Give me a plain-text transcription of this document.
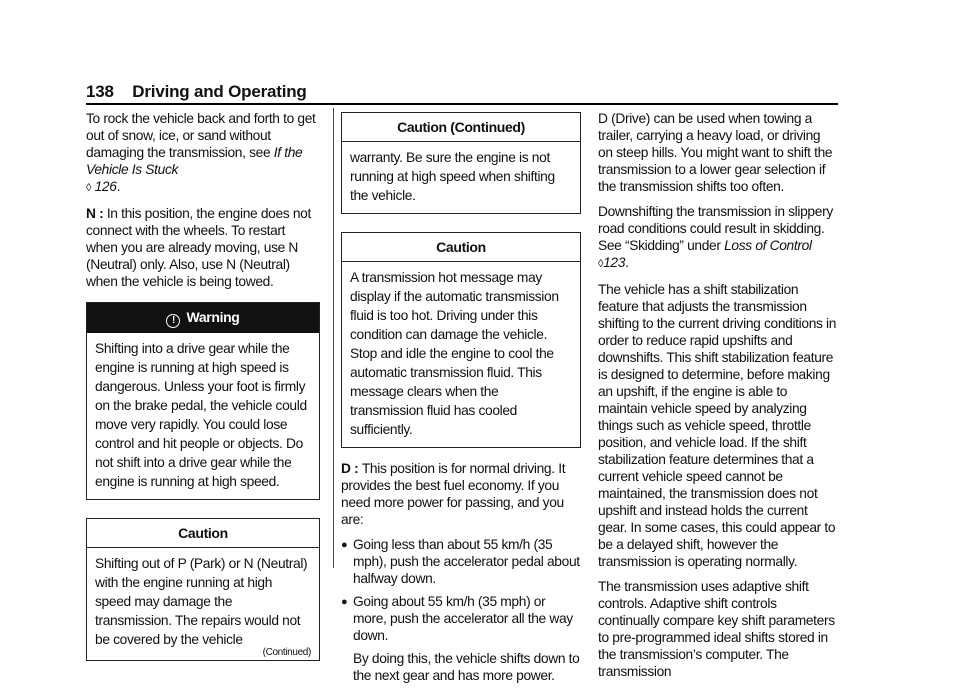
138 Driving and Operating

To rock the vehicle back and forth to get out of snow, ice, or sand without damaging the transmission, see If the Vehicle Is Stuck
◊ 126.

N : In this position, the engine does not connect with the wheels. To restart when you are already moving, use N (Neutral) only. Also, use N (Neutral) when the vehicle is being towed.

! Warning
Shifting into a drive gear while the engine is running at high speed is dangerous. Unless your foot is firmly on the brake pedal, the vehicle could move very rapidly. You could lose control and hit people or objects. Do not shift into a drive gear while the engine is running at high speed.
Caution
Shifting out of P (Park) or N (Neutral) with the engine running at high speed may damage the transmission. The repairs would not be covered by the vehicle
(Continued)
Caution (Continued)
warranty. Be sure the engine is not running at high speed when shifting the vehicle.
Caution
A transmission hot message may display if the automatic transmission fluid is too hot. Driving under this condition can damage the vehicle. Stop and idle the engine to cool the automatic transmission fluid. This message clears when the transmission fluid has cooled sufficiently.

D : This position is for normal driving. It provides the best fuel economy. If you need more power for passing, and you are:

● Going less than about 55 km/h (35 mph), push the accelerator pedal about halfway down.
● Going about 55 km/h (35 mph) or more, push the accelerator all the way down.

By doing this, the vehicle shifts down to the next gear and has more power.

D (Drive) can be used when towing a trailer, carrying a heavy load, or driving on steep hills. You might want to shift the transmission to a lower gear selection if the transmission shifts too often.

Downshifting the transmission in slippery road conditions could result in skidding. See “Skidding” under Loss of Control ◊123.

The vehicle has a shift stabilization feature that adjusts the transmission shifting to the current driving conditions in order to reduce rapid upshifts and downshifts. This shift stabilization feature is designed to determine, before making an upshift, if the engine is able to maintain vehicle speed by analyzing things such as vehicle speed, throttle position, and vehicle load. If the shift stabilization feature determines that a current vehicle speed cannot be maintained, the transmission does not upshift and instead holds the current gear. In some cases, this could appear to be a delayed shift, however the transmission is operating normally.

The transmission uses adaptive shift controls. Adaptive shift controls continually compare key shift parameters to pre-programmed ideal shifts stored in the transmission’s computer. The transmission
